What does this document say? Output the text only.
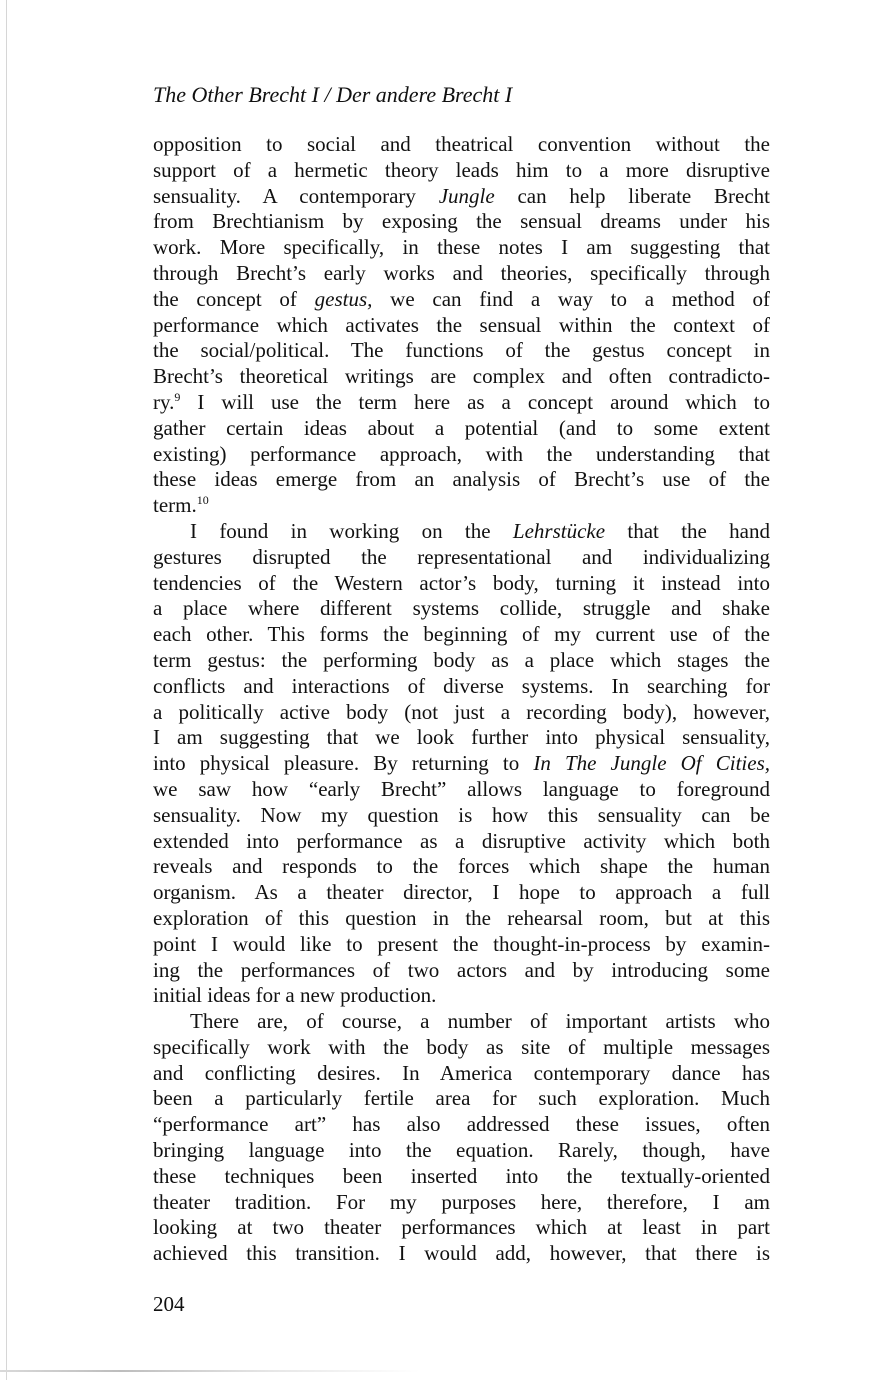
The Other Brecht I / Der andere Brecht I
opposition to social and theatrical convention without the
support of a hermetic theory leads him to a more disruptive
sensuality. A contemporary Jungle can help liberate Brecht
from Brechtianism by exposing the sensual dreams under his
work. More specifically, in these notes I am suggesting that
through Brecht’s early works and theories, specifically through
the concept of gestus, we can find a way to a method of
performance which activates the sensual within the context of
the social/political. The functions of the gestus concept in
Brecht’s theoretical writings are complex and often contradicto-
ry.$^9$ I will use the term here as a concept around which to
gather certain ideas about a potential (and to some extent
existing) performance approach, with the understanding that
these ideas emerge from an analysis of Brecht’s use of the
term.$^{10}$
I found in working on the Lehrstücke that the hand
gestures disrupted the representational and individualizing
tendencies of the Western actor’s body, turning it instead into
a place where different systems collide, struggle and shake
each other. This forms the beginning of my current use of the
term gestus: the performing body as a place which stages the
conflicts and interactions of diverse systems. In searching for
a politically active body (not just a recording body), however,
I am suggesting that we look further into physical sensuality,
into physical pleasure. By returning to In The Jungle Of Cities,
we saw how “early Brecht” allows language to foreground
sensuality. Now my question is how this sensuality can be
extended into performance as a disruptive activity which both
reveals and responds to the forces which shape the human
organism. As a theater director, I hope to approach a full
exploration of this question in the rehearsal room, but at this
point I would like to present the thought-in-process by examin-
ing the performances of two actors and by introducing some
initial ideas for a new production.
There are, of course, a number of important artists who
specifically work with the body as site of multiple messages
and conflicting desires. In America contemporary dance has
been a particularly fertile area for such exploration. Much
“performance art” has also addressed these issues, often
bringing language into the equation. Rarely, though, have
these techniques been inserted into the textually-oriented
theater tradition. For my purposes here, therefore, I am
looking at two theater performances which at least in part
achieved this transition. I would add, however, that there is
204
